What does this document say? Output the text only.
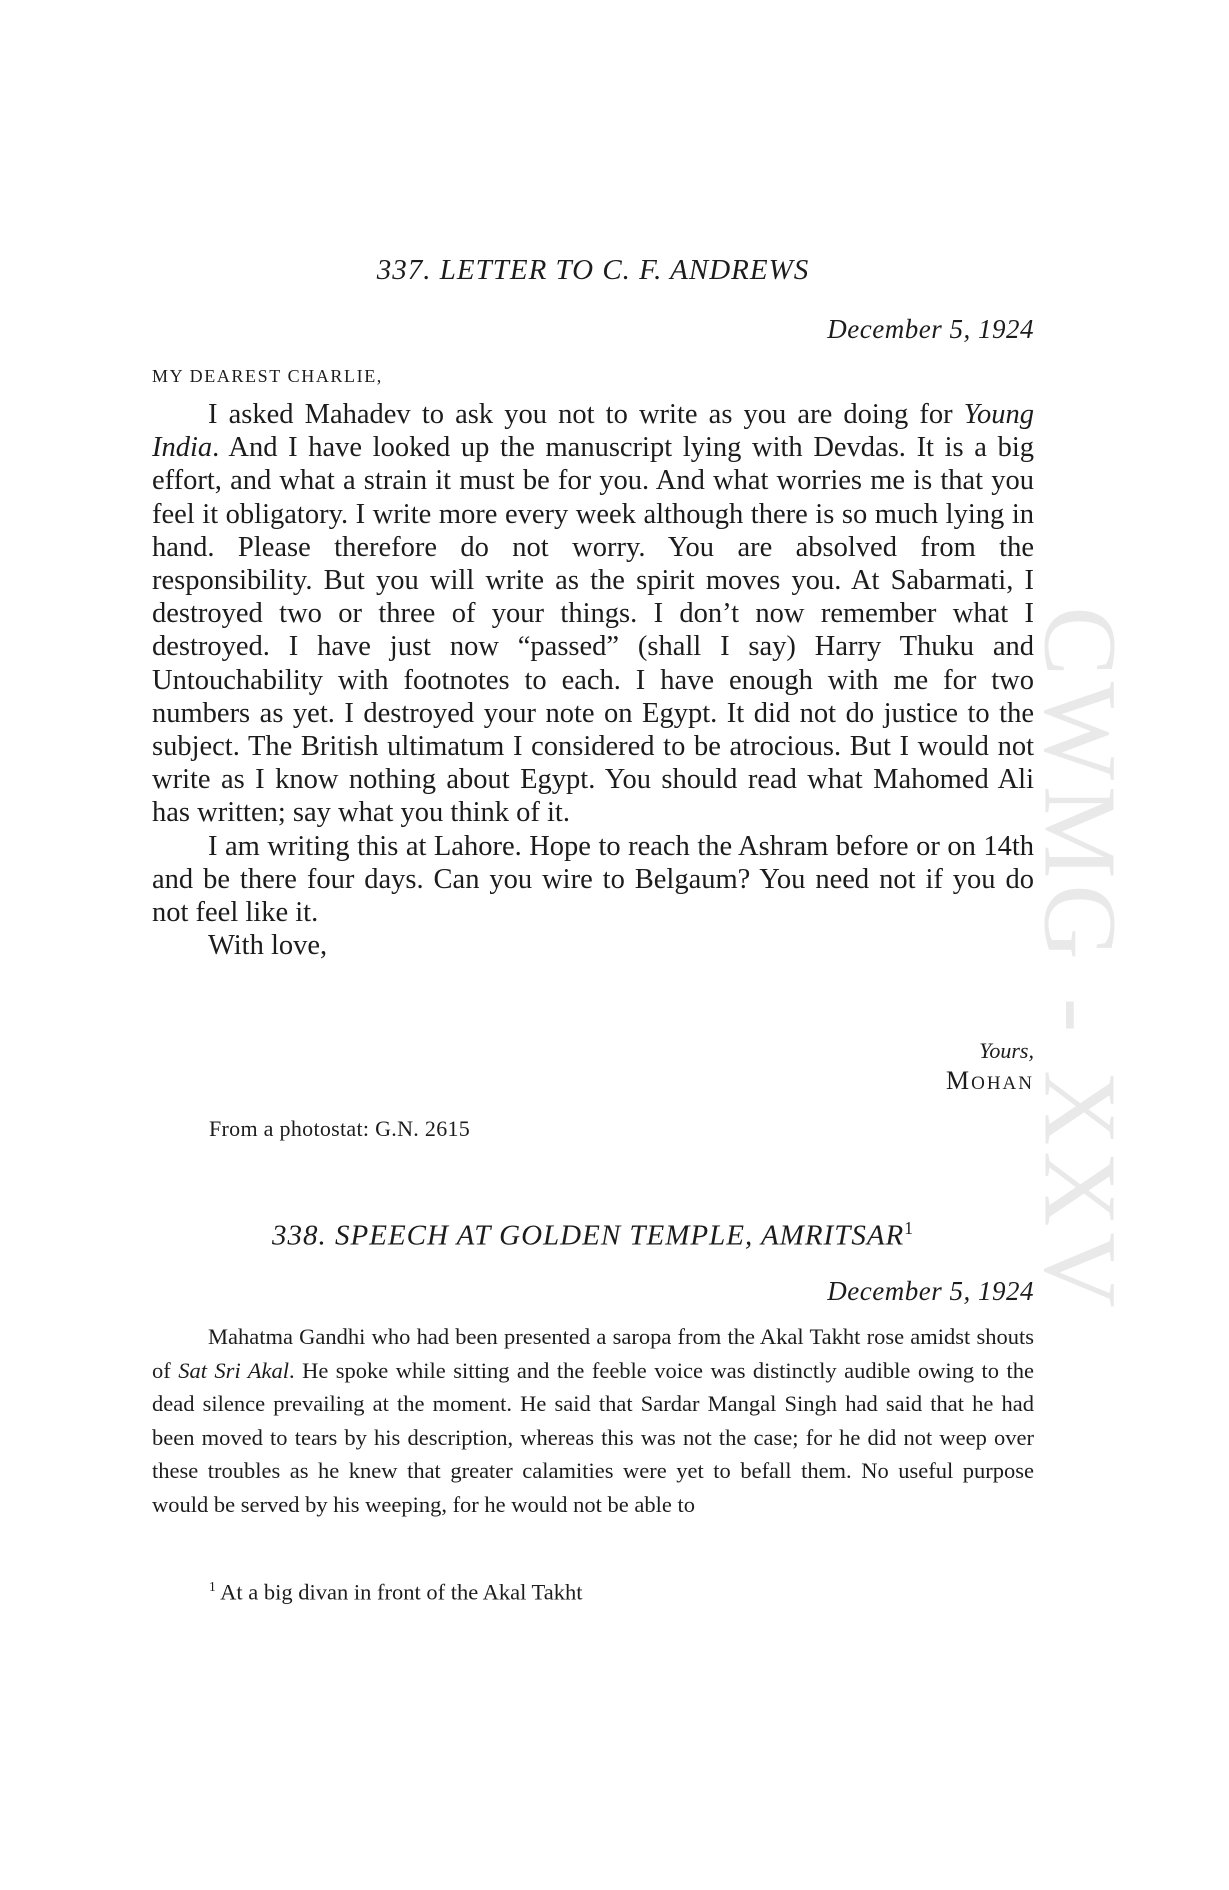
CWMG - XXV
337. LETTER TO C. F. ANDREWS
December 5, 1924
MY DEAREST CHARLIE,

I asked Mahadev to ask you not to write as you are doing for Young India. And I have looked up the manuscript lying with Devdas. It is a big effort, and what a strain it must be for you. And what worries me is that you feel it obligatory. I write more every week although there is so much lying in hand. Please therefore do not worry. You are absolved from the responsibility. But you will write as the spirit moves you. At Sabarmati, I destroyed two or three of your things. I don’t now remember what I destroyed. I have just now “passed” (shall I say) Harry Thuku and Untouchability with footnotes to each. I have enough with me for two numbers as yet. I destroyed your note on Egypt. It did not do justice to the subject. The British ultimatum I considered to be atrocious. But I would not write as I know nothing about Egypt. You should read what Mahomed Ali has written; say what you think of it.

I am writing this at Lahore. Hope to reach the Ashram before or on 14th and be there four days. Can you wire to Belgaum? You need not if you do not feel like it.

With love,

Yours,
MOHAN
From a photostat: G.N. 2615
338. SPEECH AT GOLDEN TEMPLE, AMRITSAR$^1$
December 5, 1924

Mahatma Gandhi who had been presented a saropa from the Akal Takht rose amidst shouts of Sat Sri Akal. He spoke while sitting and the feeble voice was distinctly audible owing to the dead silence prevailing at the moment. He said that Sardar Mangal Singh had said that he had been moved to tears by his description, whereas this was not the case; for he did not weep over these troubles as he knew that greater calamities were yet to befall them. No useful purpose would be served by his weeping, for he would not be able to

$^1$ At a big divan in front of the Akal Takht
